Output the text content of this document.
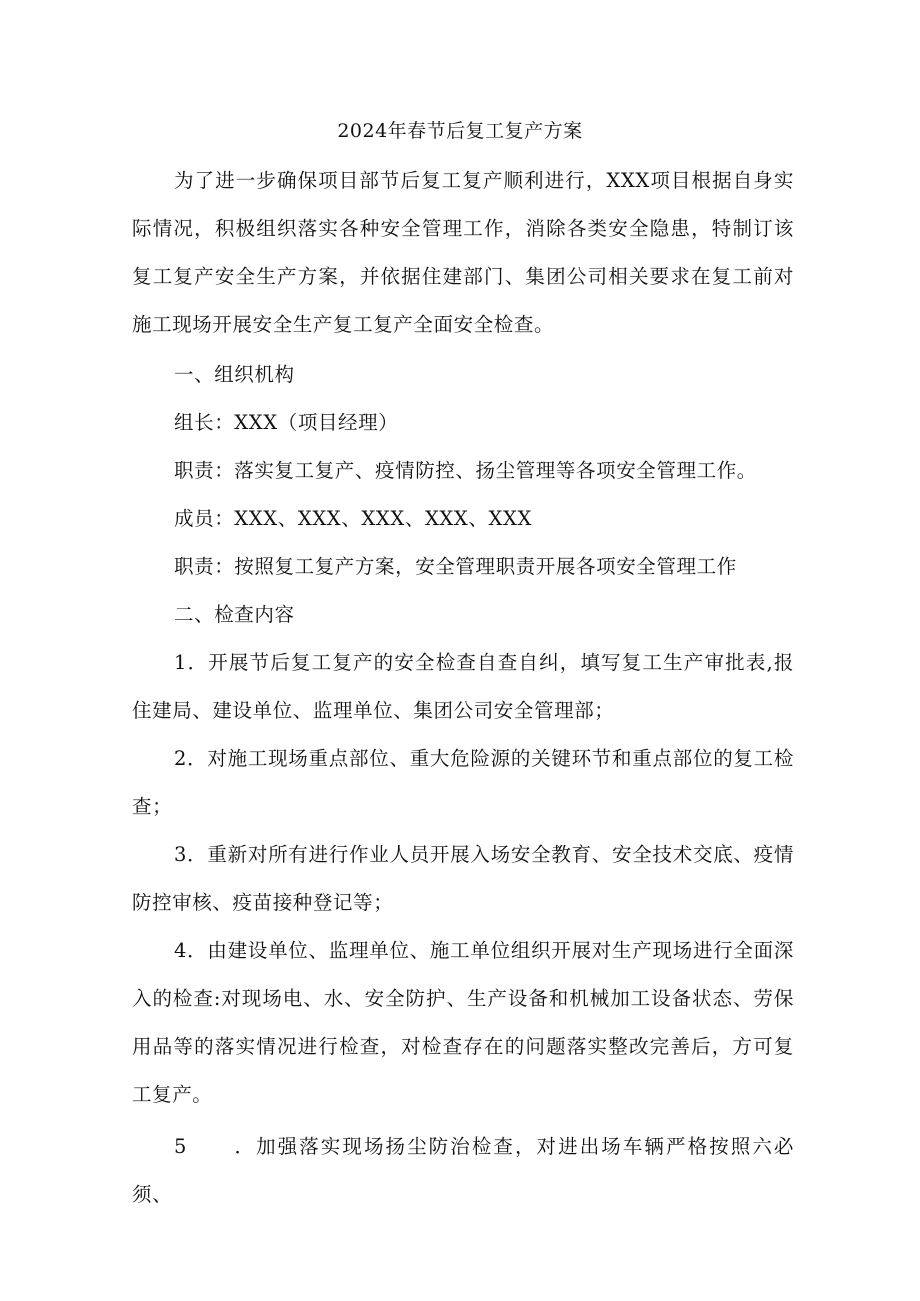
2024年春节后复工复产方案

为了进一步确保项目部节后复工复产顺利进行，XXX项目根据自身实际情况，积极组织落实各种安全管理工作，消除各类安全隐患，特制订该复工复产安全生产方案，并依据住建部门、集团公司相关要求在复工前对施工现场开展安全生产复工复产全面安全检查。

一、组织机构

组长：XXX（项目经理）

职责：落实复工复产、疫情防控、扬尘管理等各项安全管理工作。

成员：XXX、XXX、XXX、XXX、XXX

职责：按照复工复产方案，安全管理职责开展各项安全管理工作

二、检查内容

1．开展节后复工复产的安全检查自查自纠，填写复工生产审批表,报住建局、建设单位、监理单位、集团公司安全管理部；

2．对施工现场重点部位、重大危险源的关键环节和重点部位的复工检查；

3．重新对所有进行作业人员开展入场安全教育、安全技术交底、疫情防控审核、疫苗接种登记等；

4．由建设单位、监理单位、施工单位组织开展对生产现场进行全面深入的检查:对现场电、水、安全防护、生产设备和机械加工设备状态、劳保用品等的落实情况进行检查，对检查存在的问题落实整改完善后，方可复工复产。

5 ．加强落实现场扬尘防治检查，对进出场车辆严格按照六必须、
